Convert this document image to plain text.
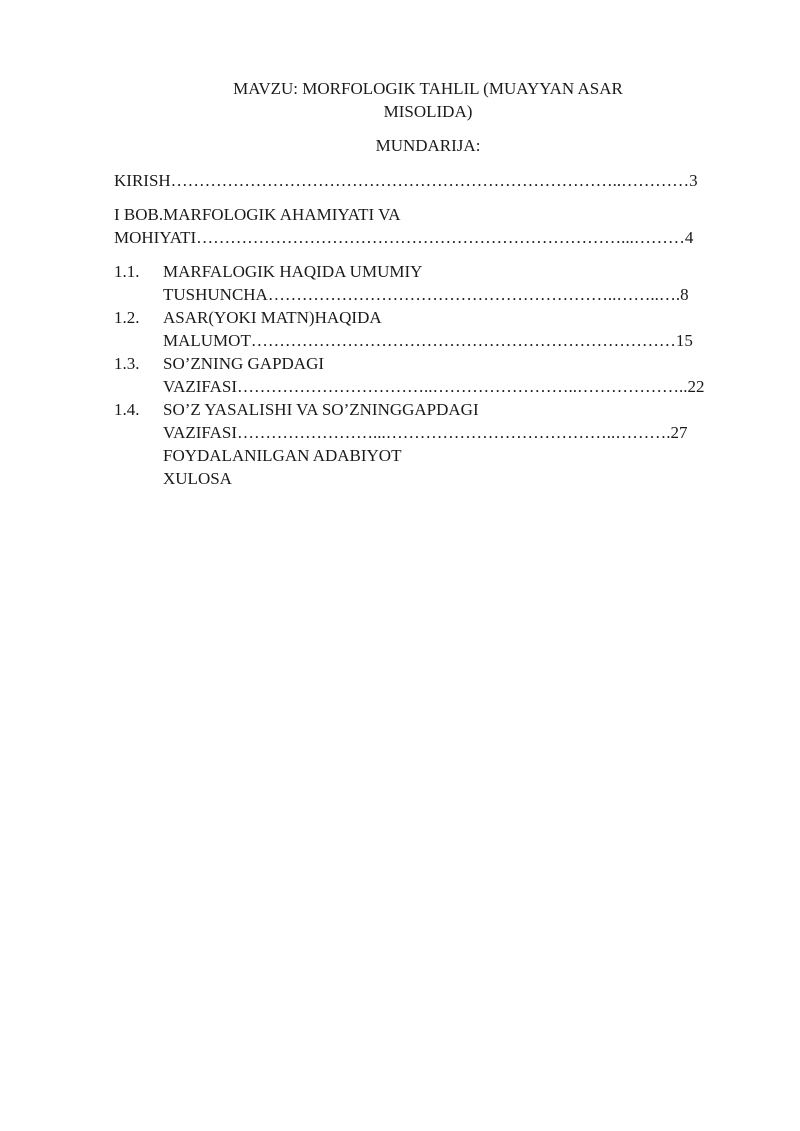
MAVZU: MORFOLOGIK TAHLIL (MUAYYAN ASAR
MISOLIDA)
MUNDARIJA:
KIRISH……………………………………………………………………..…………3
I BOB.MARFOLOGIK AHAMIYATI VA
MOHIYATI…………………………………………………………………...………4
1.1. MARFALOGIK HAQIDA UMUMIY
TUSHUNCHA……………………………………………………..……..….8
1.2. ASAR(YOKI MATN)HAQIDA
MALUMOT…………………………………………………………………15
1.3. SO’ZNING GAPDAGI
VAZIFASI……………………………..……………………..………………..22
1.4. SO’Z YASALISHI VA SO’ZNINGGAPDAGI
VAZIFASI……………………...…………………………………..……….27
FOYDALANILGAN ADABIYOT
XULOSA
